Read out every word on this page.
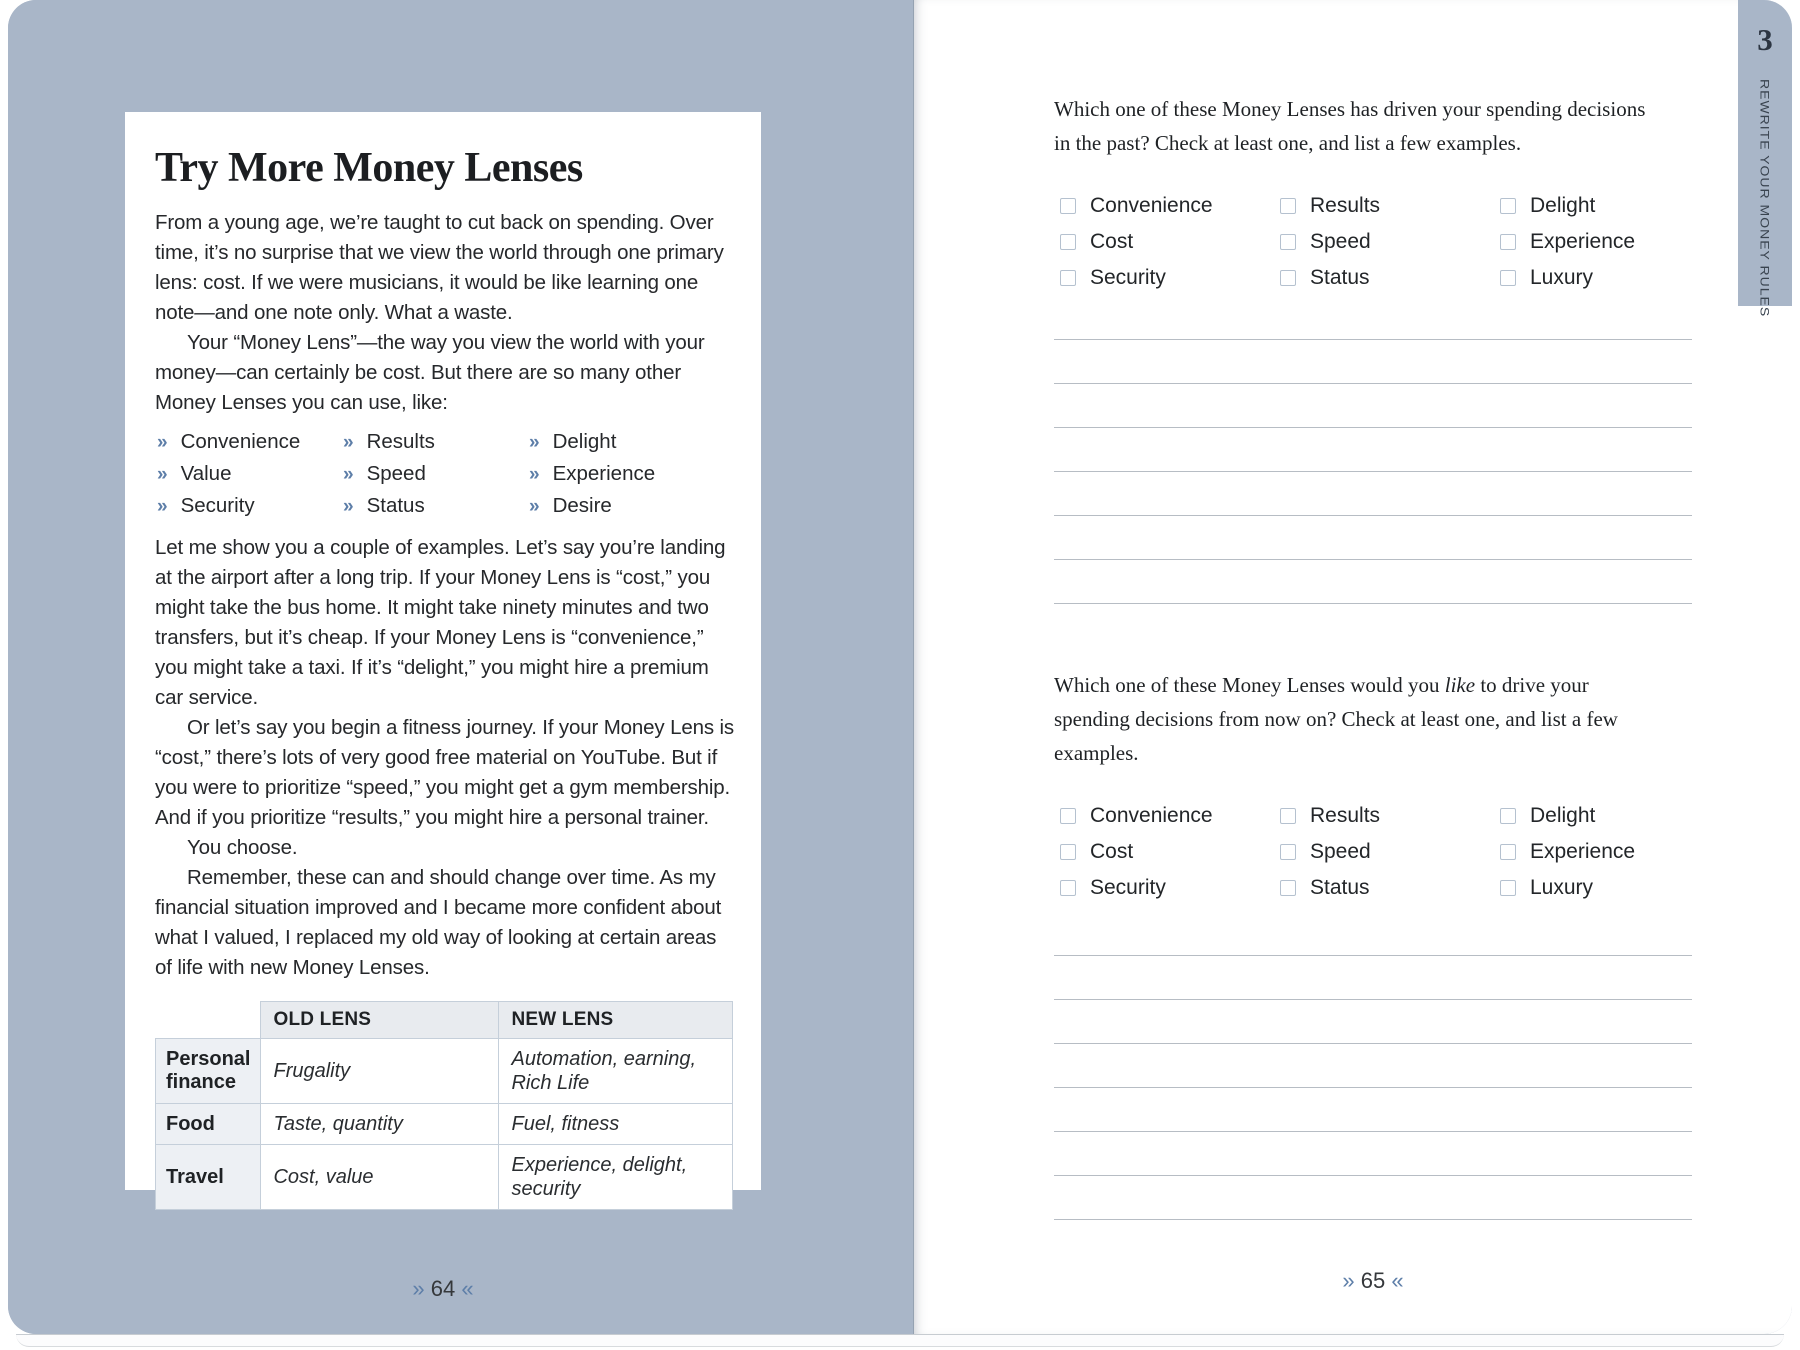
Try More Money Lenses

From a young age, we’re taught to cut back on spending. Over time, it’s no surprise that we view the world through one primary lens: cost. If we were musicians, it would be like learning one note—and one note only. What a waste.

Your “Money Lens”—the way you view the world with your money—can certainly be cost. But there are so many other Money Lenses you can use, like:

» Convenience » Results	» Delight
» Value	» Speed	» Experience
» Security	» Status	» Desire

Let me show you a couple of examples. Let’s say you’re landing at the airport after a long trip. If your Money Lens is “cost,” you might take the bus home. It might take ninety minutes and two transfers, but it’s cheap. If your Money Lens is “convenience,” you might take a taxi. If it’s “delight,” you might hire a premium car service.

Or let’s say you begin a fitness journey. If your Money Lens is “cost,” there’s lots of very good free material on YouTube. But if you were to prioritize “speed,” you might get a gym membership. And if you prioritize “results,” you might hire a personal trainer.

You choose.

Remember, these can and should change over time. As my financial situation improved and I became more confident about what I valued, I replaced my old way of looking at certain areas of life with new Money Lenses.

	OLD LENS	NEW LENS
Personal finance	Frugality	Automation, earning, Rich Life
Food	Taste, quantity	Fuel, fitness
Travel	Cost, value	Experience, delight, security
» 64 «
Which one of these Money Lenses has driven your spending decisions
in the past? Check at least one, and list a few examples.
Convenience
Cost
Security
Results
Speed
Status
Delight
Experience
Luxury
Which one of these Money Lenses would you like to drive your
spending decisions from now on? Check at least one, and list a few
examples.
Convenience
Cost
Security
Results
Speed
Status
Delight
Experience
Luxury
» 65 «
3
REWRITE YOUR MONEY RULES
